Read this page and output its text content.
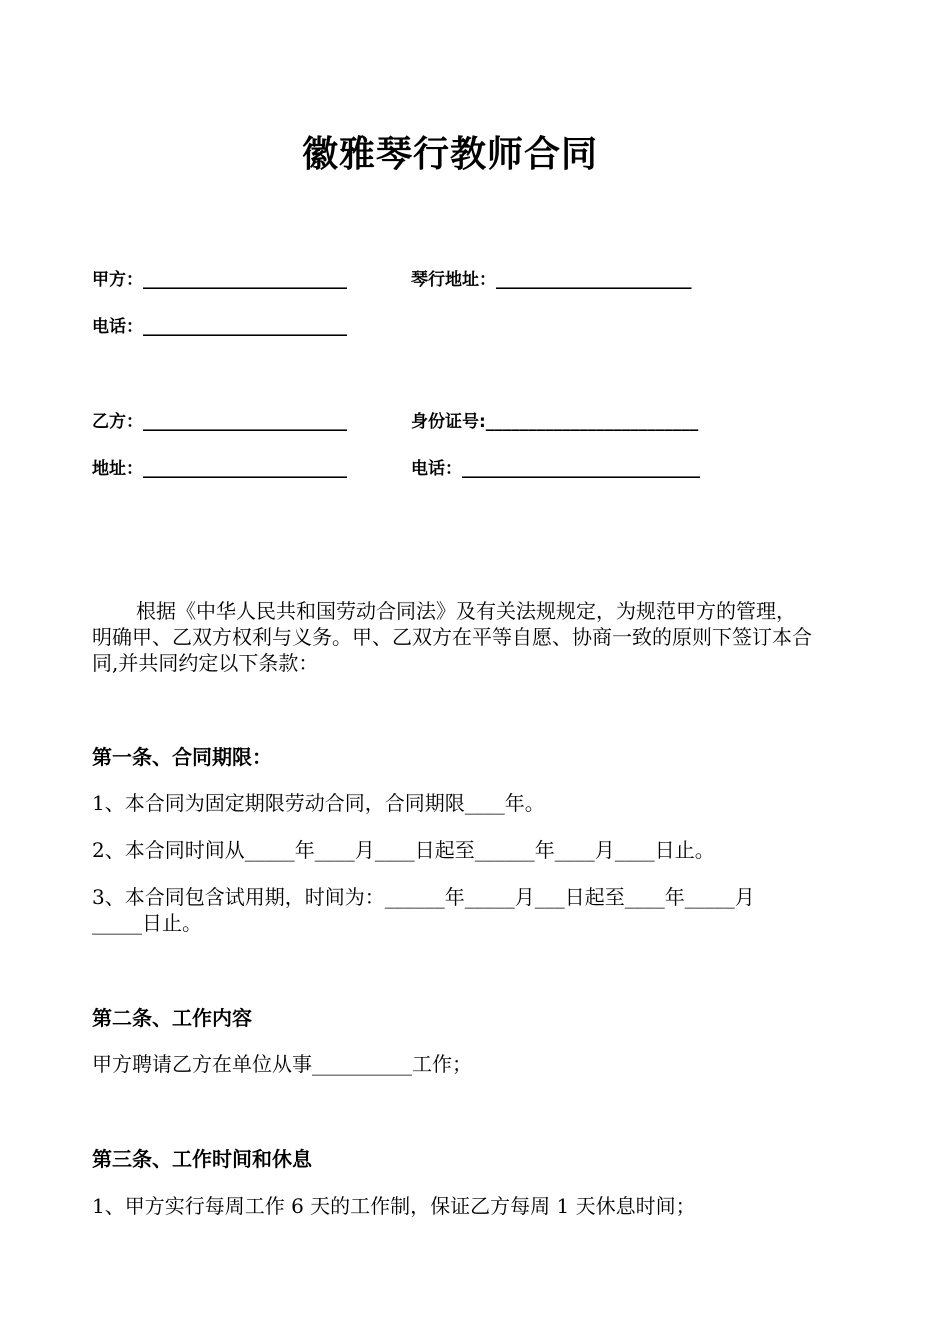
徽雅琴行教师合同
甲方：________________________	琴行地址：_______________________
电话：________________________
乙方：________________________	身份证号:_________________________
地址：________________________	电话：____________________________
根据《中华人民共和国劳动合同法》及有关法规规定，为规范甲方的管理，明确甲、乙双方权利与义务。甲、乙双方在平等自愿、协商一致的原则下签订本合同,并共同约定以下条款：
第一条、合同期限：
1、本合同为固定期限劳动合同，合同期限____年。
2、本合同时间从_____年____月____日起至______年____月____日止。
3、本合同包含试用期，时间为：______年_____月___日起至____年_____月
_____日止。
第二条、工作内容
甲方聘请乙方在单位从事__________工作；
第三条、工作时间和休息
1、甲方实行每周工作 6 天的工作制，保证乙方每周 1 天休息时间；
